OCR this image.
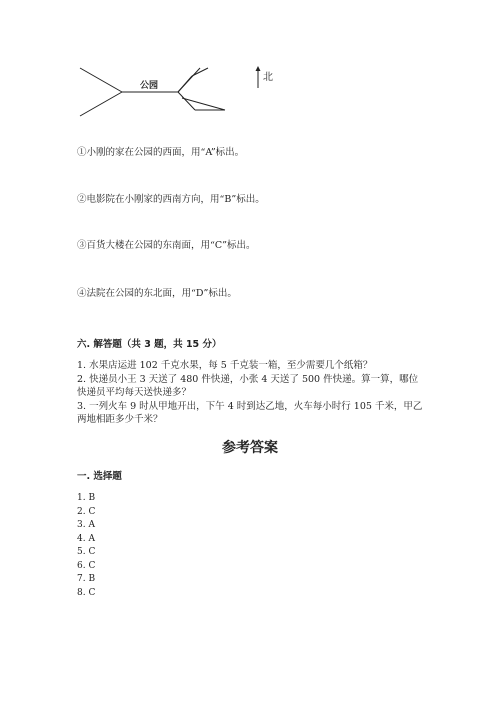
公园
北
①小刚的家在公园的西面，用“A”标出。
②电影院在小刚家的西南方向，用“B”标出。
③百货大楼在公园的东南面，用“C”标出。
④法院在公园的东北面，用“D”标出。
六. 解答题（共 3 题，共 15 分）
1. 水果店运进 102 千克水果，每 5 千克装一箱，至少需要几个纸箱？
2. 快递员小王 3 天送了 480 件快递，小张 4 天送了 500 件快递。算一算，哪位快递员平均每天送快递多？
3. 一列火车 9 时从甲地开出，下午 4 时到达乙地，火车每小时行 105 千米，甲乙两地相距多少千米？
参考答案
一. 选择题
1. B
2. C
3. A
4. A
5. C
6. C
7. B
8. C
